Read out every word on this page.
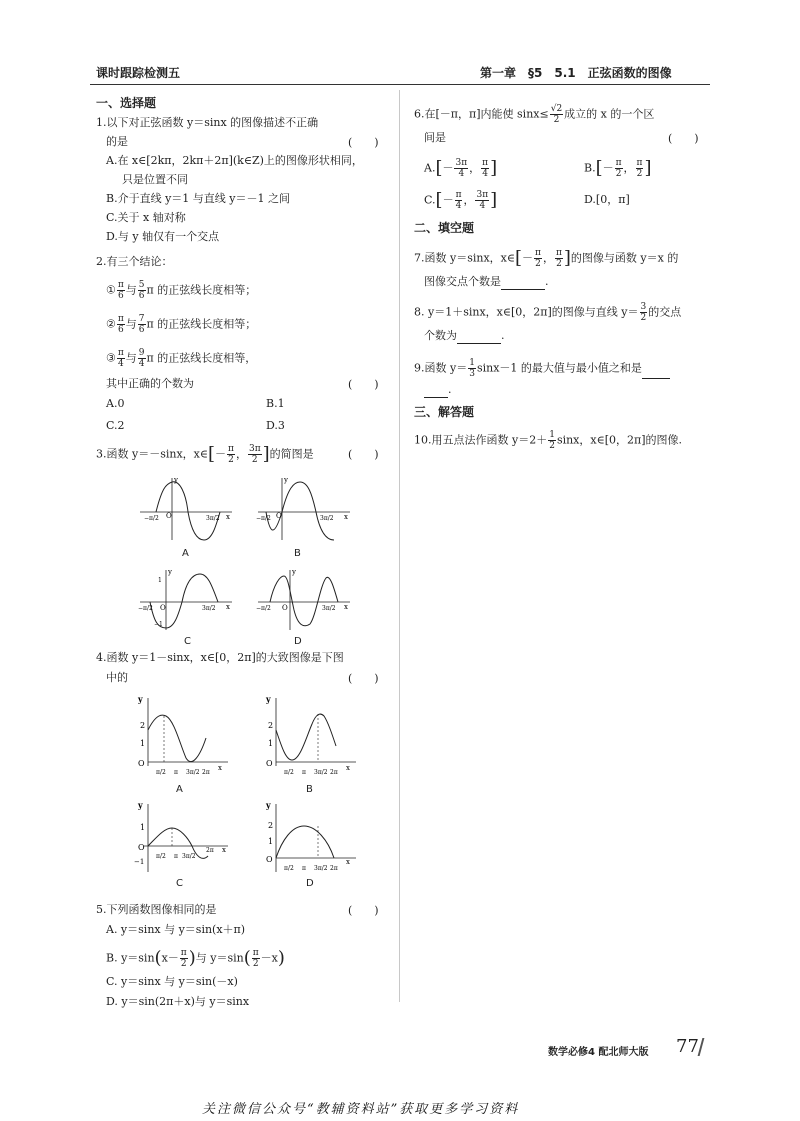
课时跟踪检测五	第一章　§5　5.1　正弦函数的图像
一、选择题
1.以下对正弦函数 y＝sinx 的图像描述不正确
的是	(　　)
A.在 x∈[2kπ，2kπ＋2π](k∈Z)上的图像形状相同，
只是位置不同
B.介于直线 y＝1 与直线 y＝－1 之间
C.关于 x 轴对称
D.与 y 轴仅有一个交点
2.有三个结论：
① $\frac{\pi}{6}$ 与 $\frac{5}{6}$ π 的正弦线长度相等；
② $\frac{\pi}{6}$ 与 $\frac{7}{6}$ π 的正弦线长度相等；
③ $\frac{\pi}{4}$ 与 $\frac{9}{4}$ π 的正弦线长度相等，
其中正确的个数为	(　　)
A.0	B.1
C.2	D.3
3.函数 y＝－sinx，x∈[－ $\frac{\pi}{2}$ ， $\frac{3\pi}{2}$ ]的简图是	(　　)
y
x
O
−π/2	3π/2
A
y
x
O
−π/2	3π/2
B
y
x
O
1
−1
−π/2	3π/2
C
y
x
O
−π/2	3π/2
D
4.函数 y＝1－sinx，x∈[0，2π]的大致图像是下图
中的	(　　)
y
2
1
O
π/2 π 3π/2 2π
x
A
y
2
1
O
π/2 π 3π/2 2π
x
B
y
1
O
−1
π/2 π 3π/2
2π x
C
y
2
1
O
π/2 π 3π/2 2π
x
D
5.下列函数图像相同的是	(　　)
A. y＝sinx 与 y＝sin(x＋π)
B. $y=\sin(x- \frac{\pi}{2}$ )与 $y=\sin( \frac{\pi}{2} -x)$
C. y＝sinx 与 y＝sin(－x)
D. y＝sin(2π＋x)与 y＝sinx
6.在[－π，π]内能使 $\sin x\le \frac{√2}{2}$ 成立的 x 的一个区
间是	(　　)
$A.[- \frac{3\pi}{4}$ ， $\frac{\pi}{4}$ ]	$B.[- \frac{\pi}{2}$ ， $\frac{\pi}{2}$ ]
$C.[- \frac{\pi}{4}$ ， $\frac{3\pi}{4}$ ]	D.[0，π]
二、填空题
7.函数 y＝sinx，x∈[－ $\frac{\pi}{2}$ ， $\frac{\pi}{2}$ ]的图像与函数 y＝x 的
图像交点个数是	.
8. y＝1＋sinx，x∈[0，2π]的图像与直线 $y= \frac{3}{2}$ 的交点
个数为	.
9.函数 $y= \frac{1}{3} \sin x-1$ 的最大值与最小值之和是
.
三、解答题
10.用五点法作函数 $y=2+ \frac{1}{2}$ sinx，x∈[0，2π]的图像.
数学必修4 配北师大版 77
关注微信公众号“教辅资料站”获取更多学习资料
